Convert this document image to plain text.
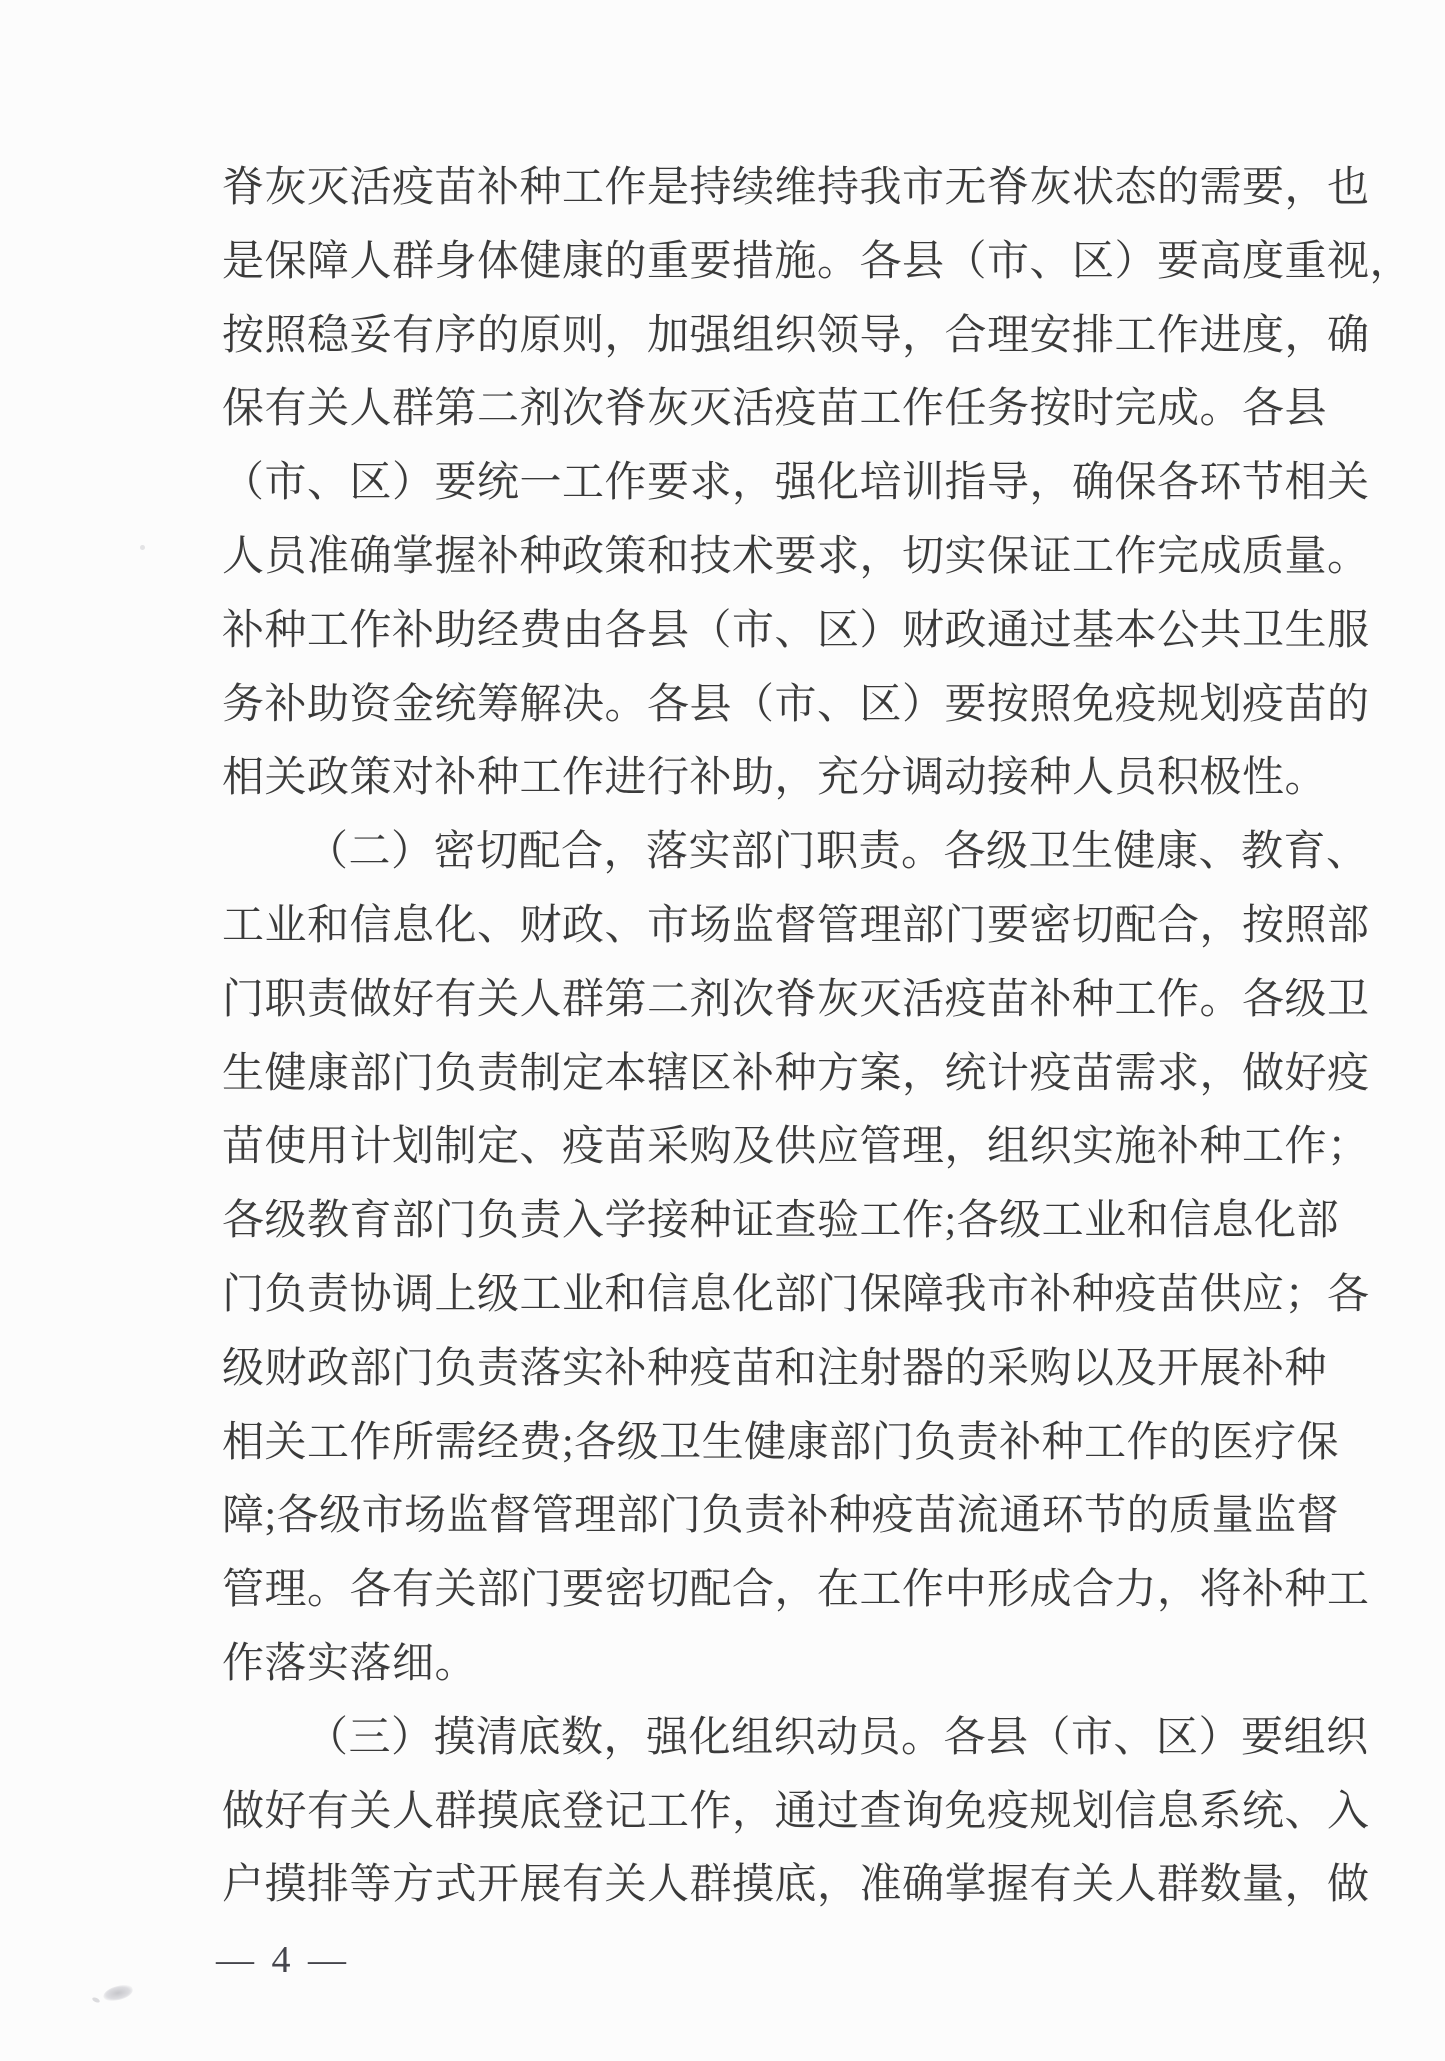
脊灰灭活疫苗补种工作是持续维持我市无脊灰状态的需要，也
是保障人群身体健康的重要措施。各县（市、区）要高度重视，
按照稳妥有序的原则，加强组织领导，合理安排工作进度，确
保有关人群第二剂次脊灰灭活疫苗工作任务按时完成。各县
（市、区）要统一工作要求，强化培训指导，确保各环节相关
人员准确掌握补种政策和技术要求，切实保证工作完成质量。
补种工作补助经费由各县（市、区）财政通过基本公共卫生服
务补助资金统筹解决。各县（市、区）要按照免疫规划疫苗的
相关政策对补种工作进行补助，充分调动接种人员积极性。
（二）密切配合，落实部门职责。各级卫生健康、教育、
工业和信息化、财政、市场监督管理部门要密切配合，按照部
门职责做好有关人群第二剂次脊灰灭活疫苗补种工作。各级卫
生健康部门负责制定本辖区补种方案，统计疫苗需求，做好疫
苗使用计划制定、疫苗采购及供应管理，组织实施补种工作；
各级教育部门负责入学接种证查验工作;各级工业和信息化部
门负责协调上级工业和信息化部门保障我市补种疫苗供应；各
级财政部门负责落实补种疫苗和注射器的采购以及开展补种
相关工作所需经费;各级卫生健康部门负责补种工作的医疗保
障;各级市场监督管理部门负责补种疫苗流通环节的质量监督
管理。各有关部门要密切配合，在工作中形成合力，将补种工
作落实落细。
（三）摸清底数，强化组织动员。各县（市、区）要组织
做好有关人群摸底登记工作，通过查询免疫规划信息系统、入
户摸排等方式开展有关人群摸底，准确掌握有关人群数量，做
— 4 —
